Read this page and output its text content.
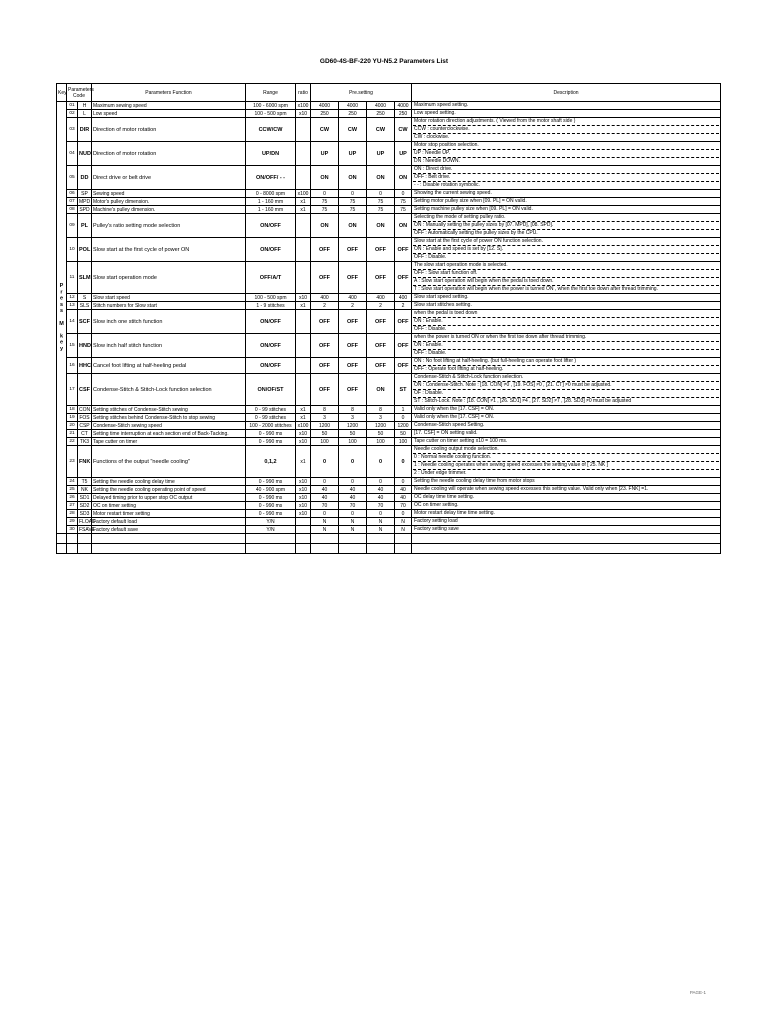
GD60-4S-BF-220 YU-N5.2 Parameters List
Key	Parameters Code		Parameters Function	Range	ratio	Pre.setting				Description
Press M key	01	H	Maximum sewing speed	100 - 6000 spm	x100	4000	4000	4000	4000	Maximum speed setting.

	02	L	Low speed	100 - 500 spm	x10	250	250	250	250	Low speed setting.

	03	DIR	Direction of motor rotation	CCW/CW		CW	CW	CW	CW	Motor rotation direction adjustments. ( Viewed from the motor shaft side )
CCW : counterclockwise.
CW : clockwise.

	04	NUD	Direction of motor rotation	UP/DN		UP	UP	UP	UP	Motor stop position selection.
UP : Needle UP.
DN : Needle DOWN.

	05	DD	Direct drive or belt drive	ON/OFF/ - -		ON	ON	ON	ON	ON : Direct drive.
OFF : Belt drive.
- - : Disable rotation symbolic.

	06	SP	Sewing speed	0 - 8000 spm	x100	0	0	0	0	Showing the current sewing speed.

	07	MPD	Motor's pulley dimension.	1 - 160 mm	x1	75	75	75	75	Setting motor pulley size when [09. PL] = ON valid.

	08	SPD	Machine's pulley dimension.	1 - 160 mm	x1	75	75	75	75	Setting machine pulley size when [09. PL] = ON valid.

	09	PL	Pulley's ratio setting mode selection	ON/OFF		ON	ON	ON	ON	Selecting the mode of setting pulley ratio.
ON : Manually setting the pulley sizes by [07. MPD], [08. SPD].
OFF : Automatically setting the pulley sizes by the CPU.

	10	POL	Slow start at the first cycle of power ON	ON/OFF		OFF	OFF	OFF	OFF	Slow start at the first cycle of power ON function selection.
ON : Enable and speed is set by [12. S].
OFF : Disable.

	11	SLM	Slow start operation mode	OFF/A/T		OFF	OFF	OFF	OFF	The slow start operation mode is selected.
OFF : Slow start function off.
A : Slow start operation will begin when the pedal is toed down.
T : Slow start operation will begin when the power is turned ON , when the first toe down after thread trimming.

	12	S	Slow start speed	100 - 500 spm	x10	400	400	400	400	Slow start speed setting.

	13	SLS	Stitch numbers for Slow start	1 - 9 stitches	x1	2	2	2	2	Slow start stitches setting.

	14	SCF	Slow inch one stitch function	ON/OFF		OFF	OFF	OFF	OFF	when the pedal is toed down
ON : Enable.
OFF : Disable.

	15	HND	Slow inch half stitch function	ON/OFF		OFF	OFF	OFF	OFF	when the power is turned ON or when the first toe down after thread trimming.
ON : Enable.
OFF : Disable.

	16	HHC	Cancel foot lifting at half-heeling pedal	ON/OFF		OFF	OFF	OFF	OFF	ON : No foot lifting at half-heeling. (but full-heeling can operate foot lifter )
OFF : Operate foot lifting at half-heeling.

	17	CSF	Condense-Stitch & Stitch-Lock function selection	ON/OF/ST		OFF	OFF	ON	ST	Condense-Stitch & Stitch-Lock function selection.
ON : Condense-Stitch. Note : [18. CON] ≠0 , [19. FOS] ≠0 , [21. CT] ≠0 must be adjusted.
OF : Disable.
ST : Stitch-Lock. Note : [18. CON] ≠1 , [26. SD1] ≠4 , [27. SD2] ≠7 , [28. SD3] ≠0 must be adjusted

	18	CON	Setting stitches of Condense-Stitch sewing	0 - 99 stitches	x1	8	8	8	1	Valid only when the [17. CSF] = ON.

	19	FOS	Setting stitches behind Condense-Stitch to stop sewing	0 - 99 stitches	x1	3	3	3	0	Valid only when the [17. CSF] = ON.

	20	CSP	Condense-Stitch sewing speed	100 - 2000 stitches	x100	1200	1200	1200	1200	Condense-Stitch speed Setting.

	21	CT	Setting time interruption at each section end of Back-Tacking.	0 - 990 ms	x10	50	50	50	50	[17. CSF] = ON setting valid.

	22	TK3	Tape cutter on timer	0 - 990 ms	x10	100	100	100	100	Tape cutter on timer setting x10 = 100 ms.

	23	FNK	Functions of the output "needle cooling"	0,1,2	x1	0	0	0	0	Needle cooling output mode selection.
0 : Normal needle cooling function.
1 : Needle cooling operates when sewing speed excesses the setting value of [ 25. NK ]
2 : Under edge trimmer.

	24	T5	Setting the needle cooling delay time	0 - 990 ms	x10	0	0	0	0	Setting the needle cooling delay time from motor stops

	25	NK	Setting the needle cooling operating point of speed	40 - 900 spm	x10	40	40	40	40	Needle cooling will operate when sewing speed excesses this setting value. Valid only when [23. FNK] =1.

	26	SD1	Delayed timing prior to upper stop OC output	0 - 990 ms	x10	40	40	40	40	OC delay time time setting.

	27	SD2	OC on timer setting	0 - 990 ms	x10	70	70	70	70	OC on timer setting.

	28	SD3	Motor restart timer setting	0 - 990 ms	x10	0	0	0	0	Motor restart delay time time setting.

	29	FLOAD	Factory default load	Y/N		N	N	N	N	Factory setting load

	30	FSAVE	Factory default save	Y/N		N	N	N	N	Factory setting save

PAGE-1
